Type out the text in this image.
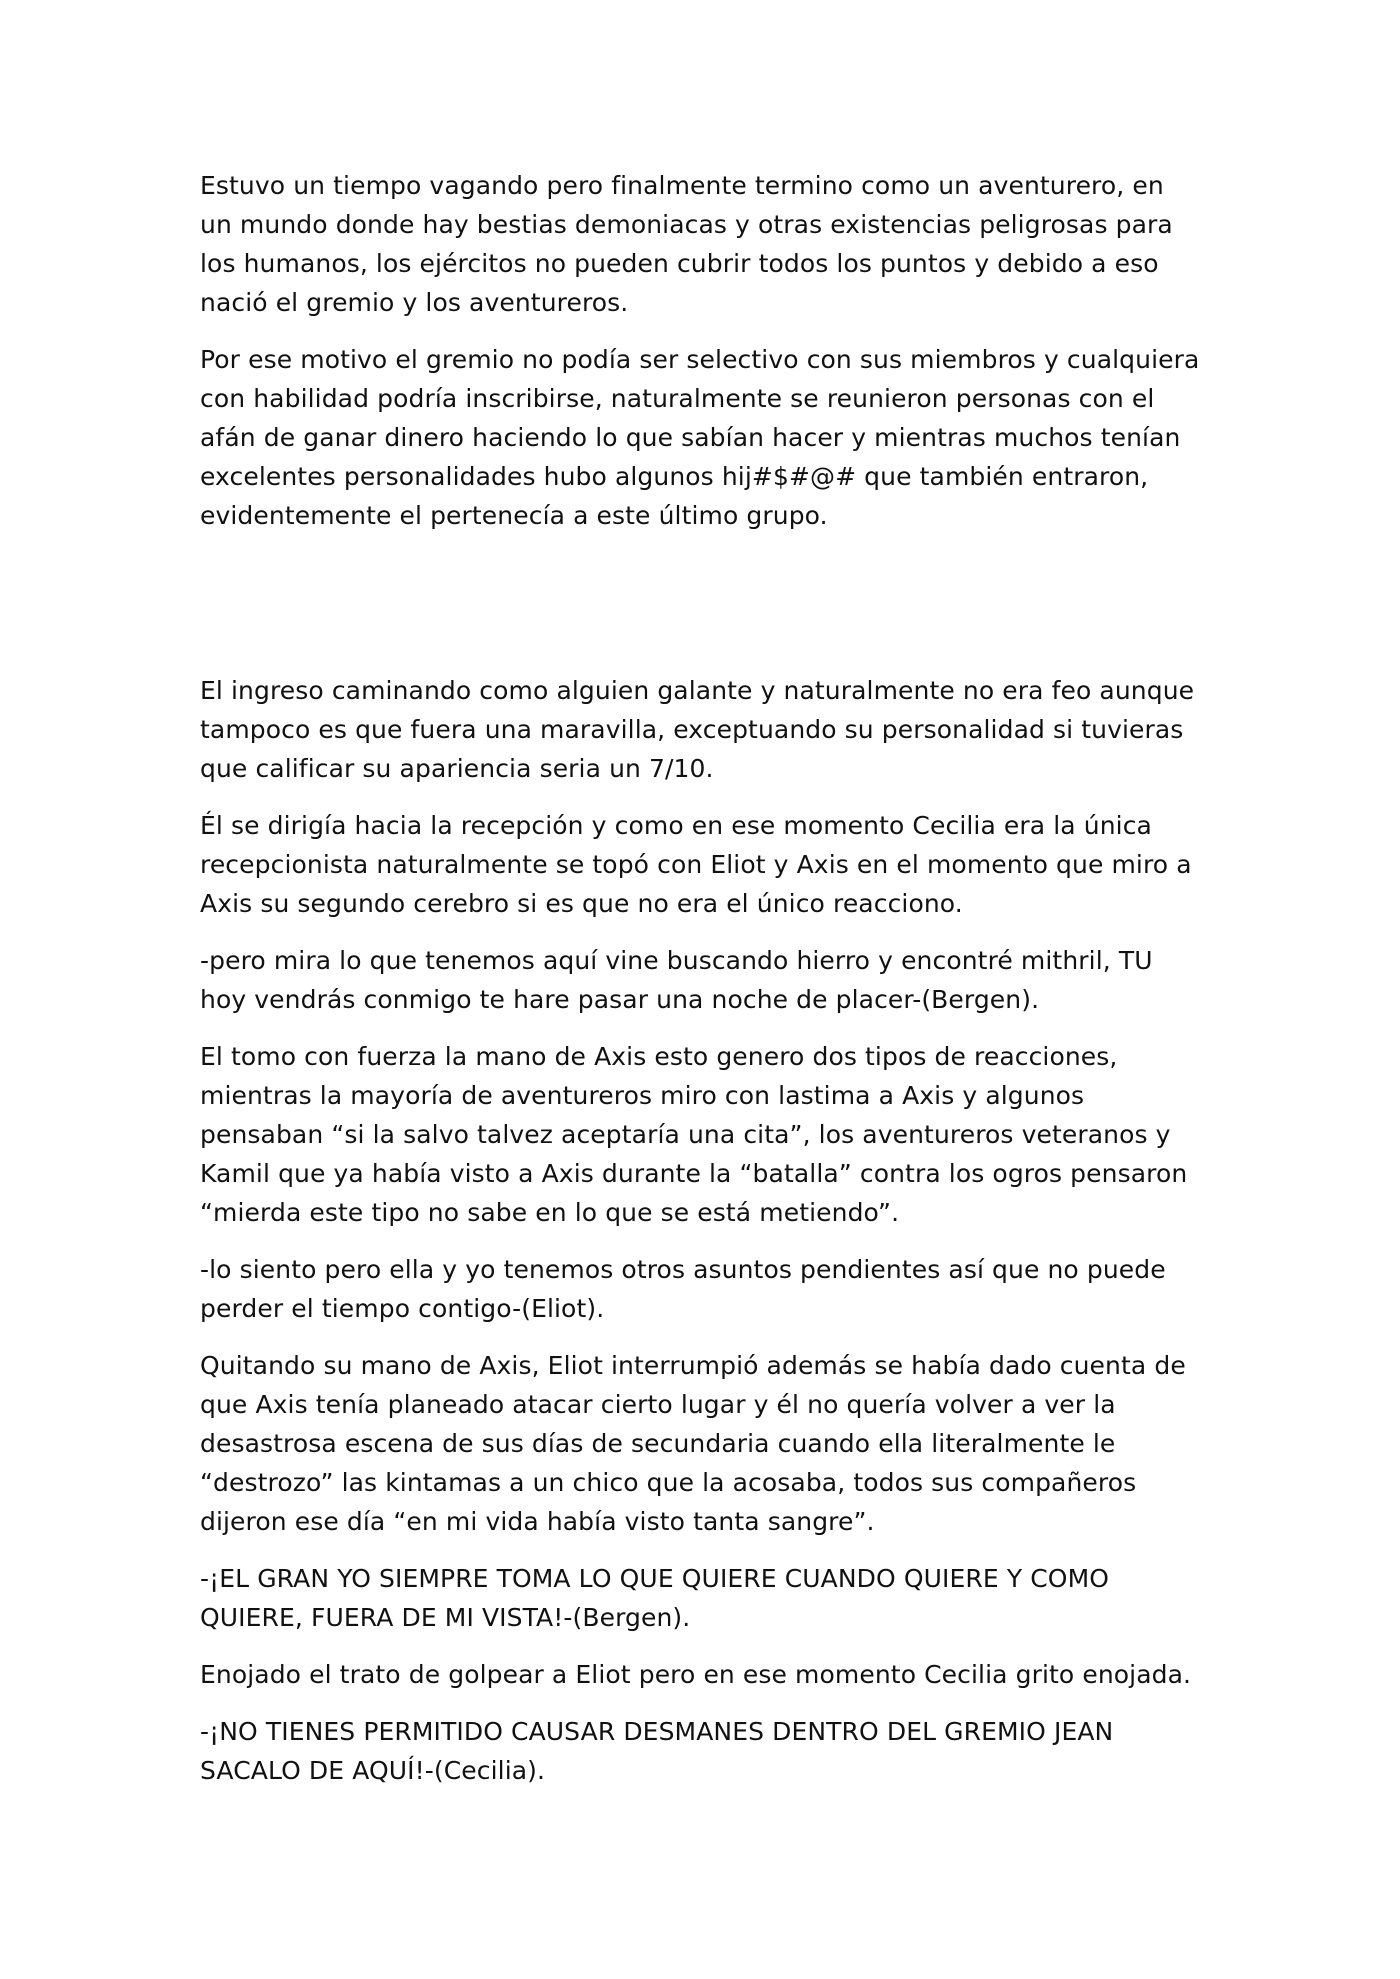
Estuvo un tiempo vagando pero finalmente termino como un aventurero, en un mundo donde hay bestias demoniacas y otras existencias peligrosas para los humanos, los ejércitos no pueden cubrir todos los puntos y debido a eso nació el gremio y los aventureros.

Por ese motivo el gremio no podía ser selectivo con sus miembros y cualquiera con habilidad podría inscribirse, naturalmente se reunieron personas con el afán de ganar dinero haciendo lo que sabían hacer y mientras muchos tenían excelentes personalidades hubo algunos hij#$#@# que también entraron, evidentemente el pertenecía a este último grupo.

El ingreso caminando como alguien galante y naturalmente no era feo aunque tampoco es que fuera una maravilla, exceptuando su personalidad si tuvieras que calificar su apariencia seria un 7/10.

Él se dirigía hacia la recepción y como en ese momento Cecilia era la única recepcionista naturalmente se topó con Eliot y Axis en el momento que miro a Axis su segundo cerebro si es que no era el único reacciono.

-pero mira lo que tenemos aquí vine buscando hierro y encontré mithril, TU hoy vendrás conmigo te hare pasar una noche de placer-(Bergen).

El tomo con fuerza la mano de Axis esto genero dos tipos de reacciones, mientras la mayoría de aventureros miro con lastima a Axis y algunos pensaban “si la salvo talvez aceptaría una cita”, los aventureros veteranos y Kamil que ya había visto a Axis durante la “batalla” contra los ogros pensaron “mierda este tipo no sabe en lo que se está metiendo”.

-lo siento pero ella y yo tenemos otros asuntos pendientes así que no puede perder el tiempo contigo-(Eliot).

Quitando su mano de Axis, Eliot interrumpió además se había dado cuenta de que Axis tenía planeado atacar cierto lugar y él no quería volver a ver la desastrosa escena de sus días de secundaria cuando ella literalmente le “destrozo” las kintamas a un chico que la acosaba, todos sus compañeros dijeron ese día “en mi vida había visto tanta sangre”.

-¡EL GRAN YO SIEMPRE TOMA LO QUE QUIERE CUANDO QUIERE Y COMO QUIERE, FUERA DE MI VISTA!-(Bergen).

Enojado el trato de golpear a Eliot pero en ese momento Cecilia grito enojada.

-¡NO TIENES PERMITIDO CAUSAR DESMANES DENTRO DEL GREMIO JEAN SACALO DE AQUÍ!-(Cecilia).
